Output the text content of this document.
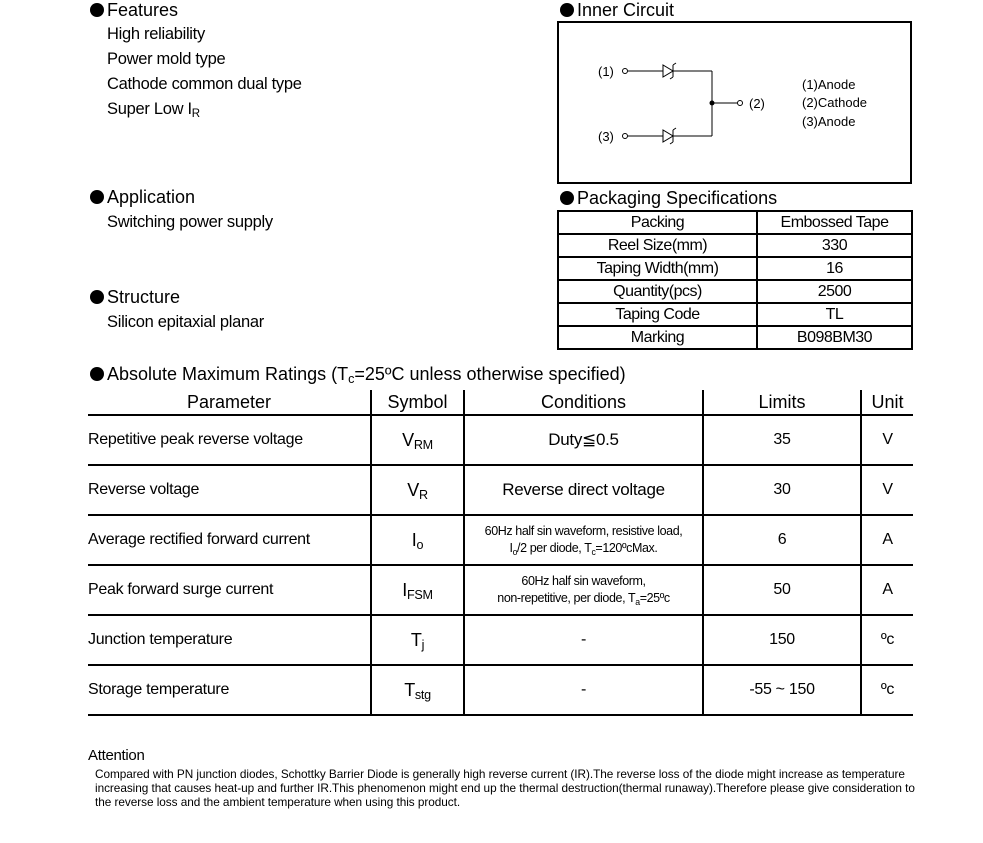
Features
High reliability
Power mold type
Cathode common dual type
Super Low $I_R$
Application
Switching power supply
Structure
Silicon epitaxial planar
Inner Circuit
(1)
(3)
(2)
(1)Anode
(2)Cathode
(3)Anode
Packaging Specifications
Packing	Embossed Tape
Reel Size(mm)	330
Taping Width(mm)	16
Quantity(pcs)	2500
Taping Code	TL
Marking	B098BM30
Absolute Maximum Ratings ($T_c=25ºC$ unless otherwise specified)
Parameter	Symbol	Conditions	Limits	Unit
Repetitive peak reverse voltage	$V_{RM}$	Duty≦0.5	35	V
Reverse voltage	$V_R$	Reverse direct voltage	30	V
Average rectified forward current	$I_o$	60Hz half sin waveform, resistive load,
$I_o/2$ per diode, $T_c=120ºcMax$.	6	A
Peak forward surge current	$I_{FSM}$	60Hz half sin waveform,
non-repetitive, per diode, $T_a=25ºc$	50	A
Junction temperature	$T_j$	-	150	ºc
Storage temperature	$T_{stg}$	-	-55 ~ 150	ºc
Attention
Compared with PN junction diodes, Schottky Barrier Diode is generally high reverse current (IR).The reverse loss of the diode might increase as temperature increasing that causes heat-up and further IR.This phenomenon might end up the thermal destruction(thermal runaway).Therefore please give consideration to the reverse loss and the ambient temperature when using this product.
